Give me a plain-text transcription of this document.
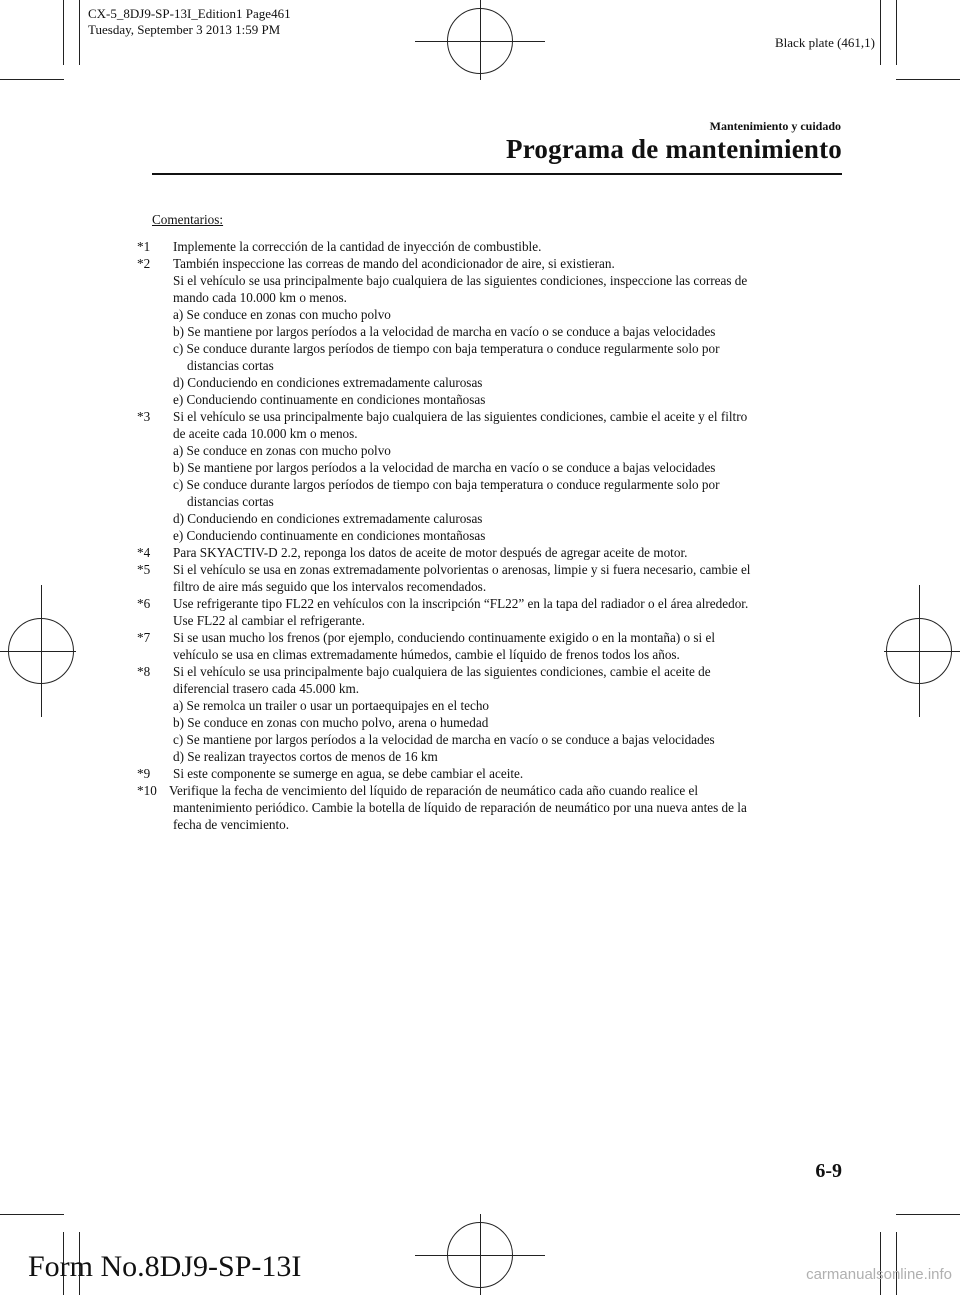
CX-5_8DJ9-SP-13I_Edition1 Page461
Tuesday, September 3 2013 1:59 PM
Black plate (461,1)
Mantenimiento y cuidado
Programa de mantenimiento
Comentarios:
*1 Implemente la corrección de la cantidad de inyección de combustible.
*2 También inspeccione las correas de mando del acondicionador de aire, si existieran.
Si el vehículo se usa principalmente bajo cualquiera de las siguientes condiciones, inspeccione las correas de
mando cada 10.000 km o menos.
a) Se conduce en zonas con mucho polvo
b) Se mantiene por largos períodos a la velocidad de marcha en vacío o se conduce a bajas velocidades
c) Se conduce durante largos períodos de tiempo con baja temperatura o conduce regularmente solo por
distancias cortas
d) Conduciendo en condiciones extremadamente calurosas
e) Conduciendo continuamente en condiciones montañosas
*3 Si el vehículo se usa principalmente bajo cualquiera de las siguientes condiciones, cambie el aceite y el filtro
de aceite cada 10.000 km o menos.
a) Se conduce en zonas con mucho polvo
b) Se mantiene por largos períodos a la velocidad de marcha en vacío o se conduce a bajas velocidades
c) Se conduce durante largos períodos de tiempo con baja temperatura o conduce regularmente solo por
distancias cortas
d) Conduciendo en condiciones extremadamente calurosas
e) Conduciendo continuamente en condiciones montañosas
*4 Para SKYACTIV-D 2.2, reponga los datos de aceite de motor después de agregar aceite de motor.
*5 Si el vehículo se usa en zonas extremadamente polvorientas o arenosas, limpie y si fuera necesario, cambie el
filtro de aire más seguido que los intervalos recomendados.
*6 Use refrigerante tipo FL22 en vehículos con la inscripción “FL22” en la tapa del radiador o el área alrededor.
Use FL22 al cambiar el refrigerante.
*7 Si se usan mucho los frenos (por ejemplo, conduciendo continuamente exigido o en la montaña) o si el
vehículo se usa en climas extremadamente húmedos, cambie el líquido de frenos todos los años.
*8 Si el vehículo se usa principalmente bajo cualquiera de las siguientes condiciones, cambie el aceite de
diferencial trasero cada 45.000 km.
a) Se remolca un trailer o usar un portaequipajes en el techo
b) Se conduce en zonas con mucho polvo, arena o humedad
c) Se mantiene por largos períodos a la velocidad de marcha en vacío o se conduce a bajas velocidades
d) Se realizan trayectos cortos de menos de 16 km
*9 Si este componente se sumerge en agua, se debe cambiar el aceite.
*10 Verifique la fecha de vencimiento del líquido de reparación de neumático cada año cuando realice el
mantenimiento periódico. Cambie la botella de líquido de reparación de neumático por una nueva antes de la
fecha de vencimiento.
6-9
Form No.8DJ9-SP-13I	carmanualsonline.info
